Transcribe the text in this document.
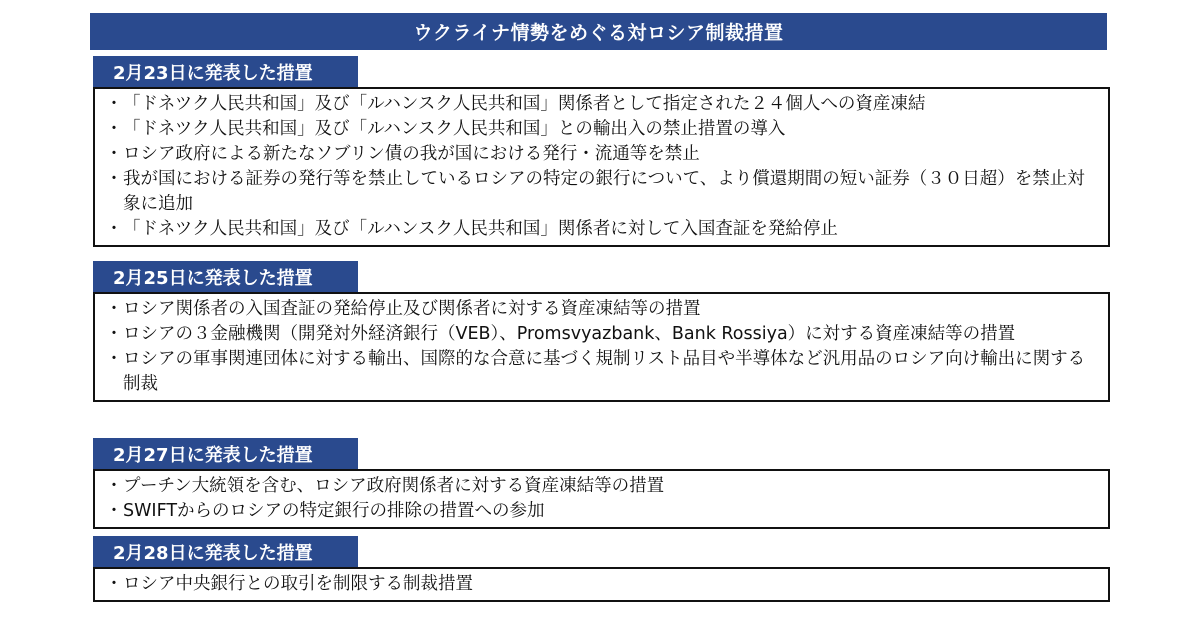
ウクライナ情勢をめぐる対ロシア制裁措置
2月23日に発表した措置
・ 「ドネツク人民共和国」及び「ルハンスク人民共和国」関係者として指定された２４個人への資産凍結
・ 「ドネツク人民共和国」及び「ルハンスク人民共和国」との輸出入の禁止措置の導入
・ ロシア政府による新たなソブリン債の我が国における発行・流通等を禁止
・ 我が国における証券の発行等を禁止しているロシアの特定の銀行について、より償還期間の短い証券（３０日超）を禁止対象に追加
・ 「ドネツク人民共和国」及び「ルハンスク人民共和国」関係者に対して入国査証を発給停止
2月25日に発表した措置
・ ロシア関係者の入国査証の発給停止及び関係者に対する資産凍結等の措置
・ ロシアの３金融機関（開発対外経済銀行（VEB）、Promsvyazbank、Bank Rossiya）に対する資産凍結等の措置
・ ロシアの軍事関連団体に対する輸出、国際的な合意に基づく規制リスト品目や半導体など汎用品のロシア向け輸出に関する制裁
2月27日に発表した措置
・ プーチン大統領を含む、ロシア政府関係者に対する資産凍結等の措置
・ SWIFTからのロシアの特定銀行の排除の措置への参加
2月28日に発表した措置
・ ロシア中央銀行との取引を制限する制裁措置
